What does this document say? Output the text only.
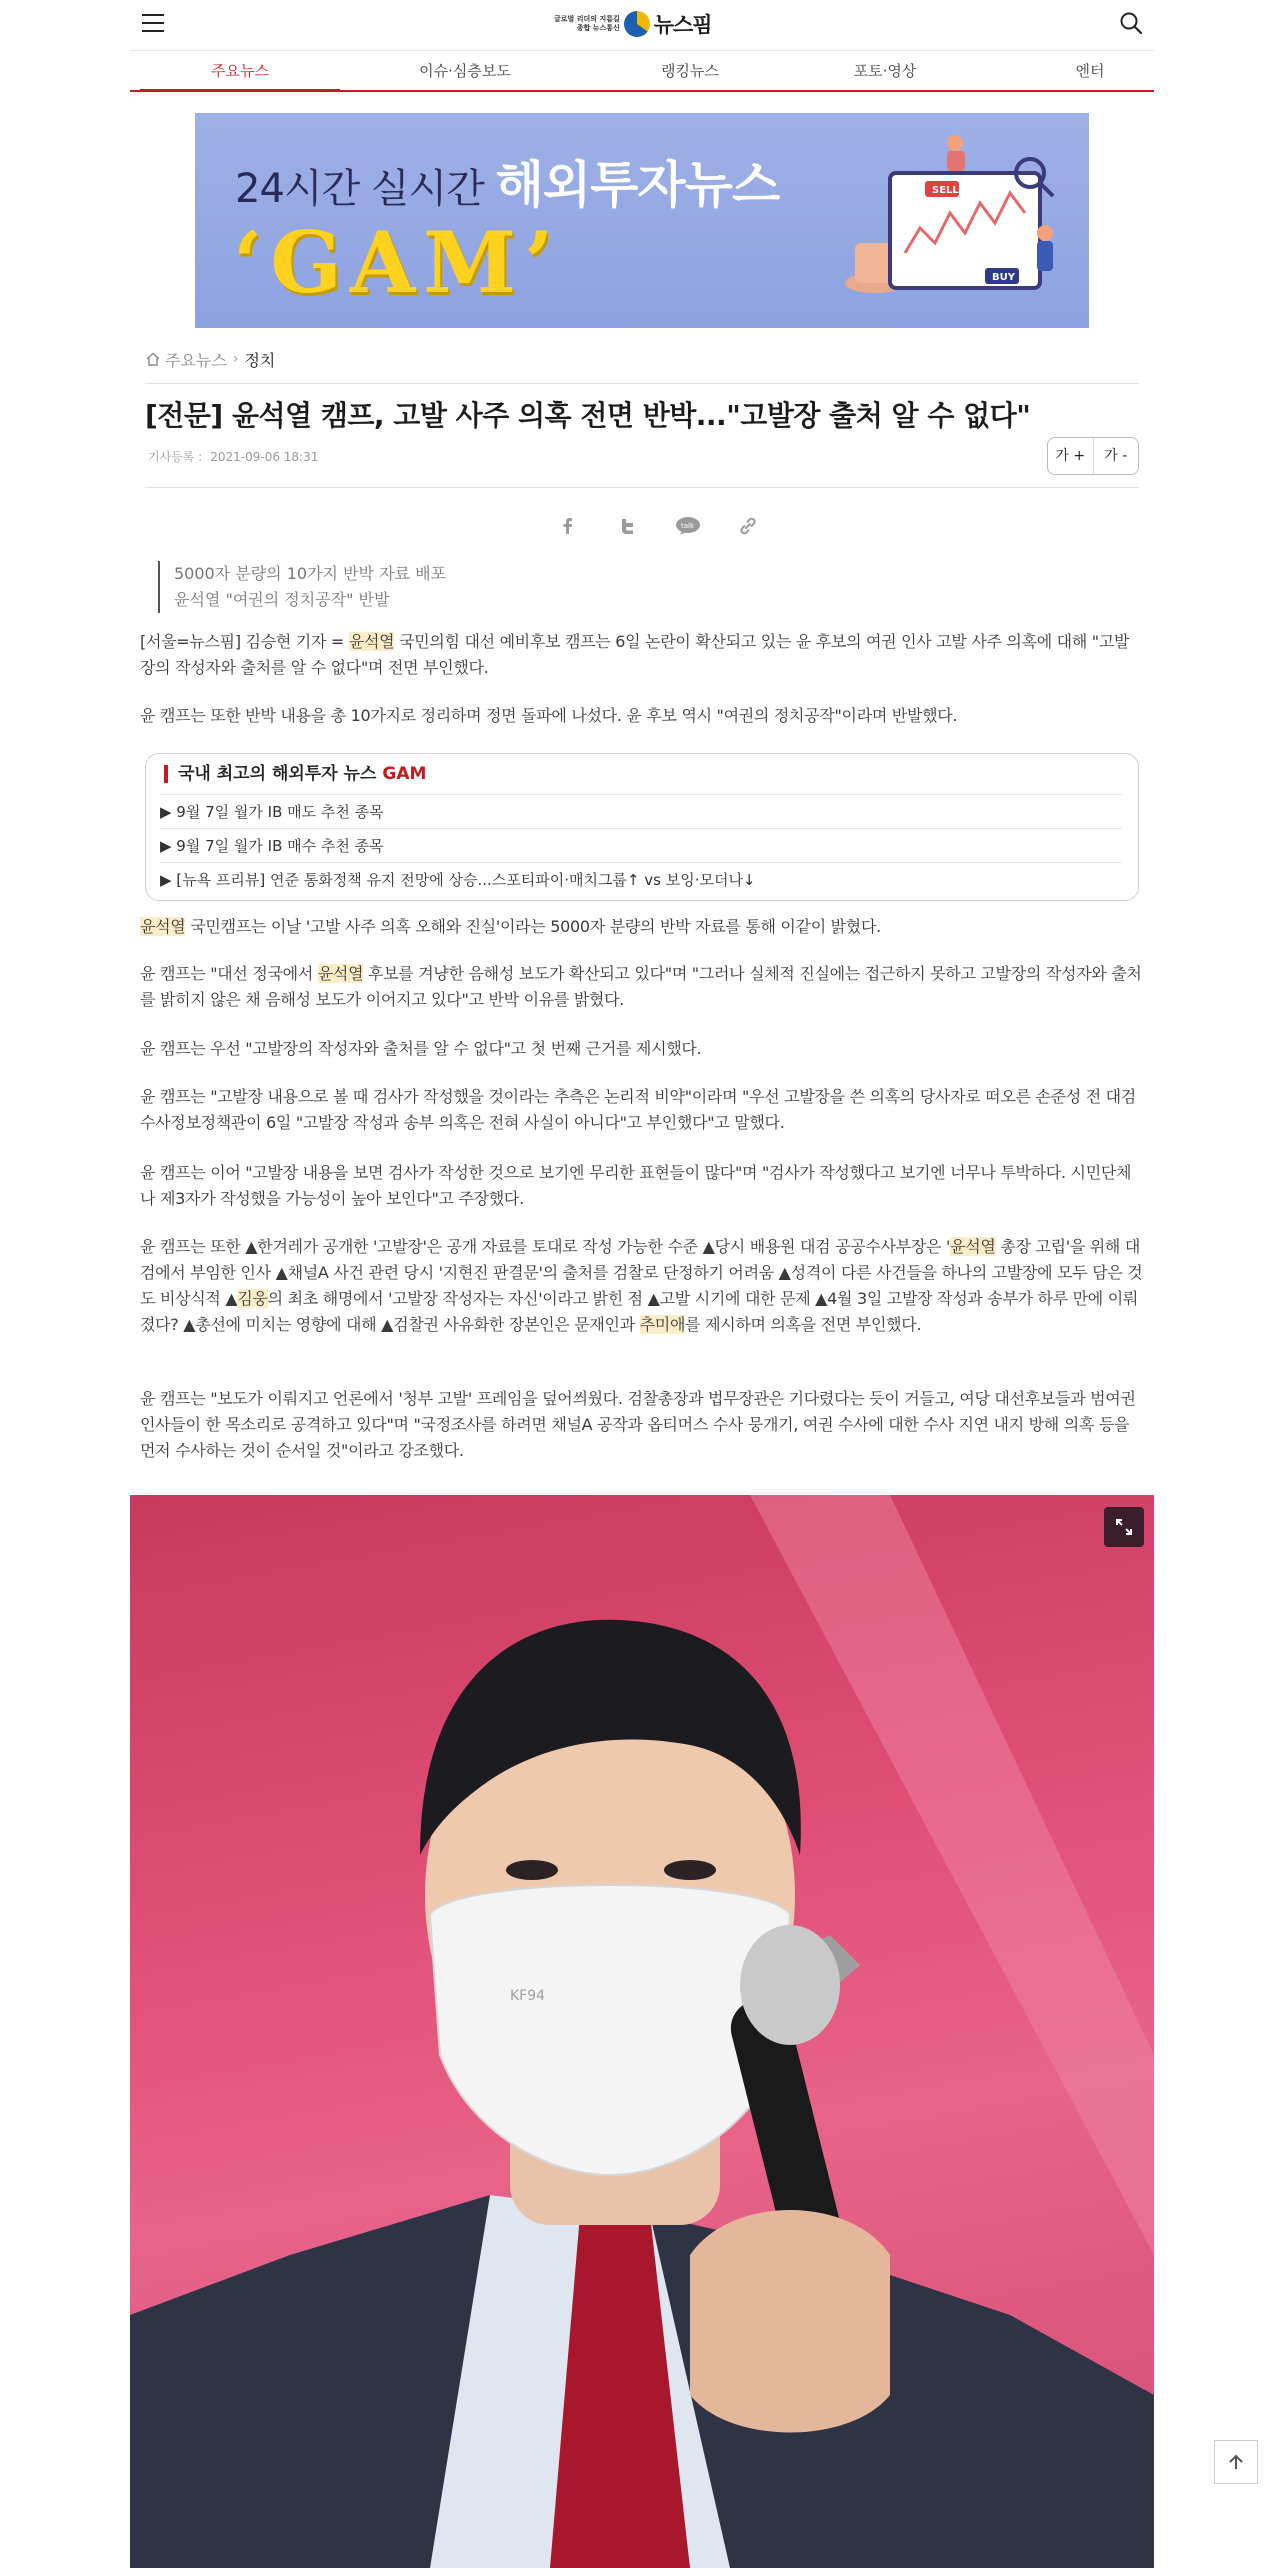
글로벌 리더의 지름길
종합 뉴스통신 뉴스핌
주요뉴스	이슈·심층보도	랭킹뉴스	포토·영상	엔터
24시간 실시간 해외투자뉴스
‘GAM’
SELL
BUY
주요뉴스 › 정치
[전문] 윤석열 캠프, 고발 사주 의혹 전면 반박..."고발장 출처 알 수 없다"
기사등록 : 2021-09-06 18:31	가 +	가 -
talk
5000자 분량의 10가지 반박 자료 배포
윤석열 "여권의 정치공작" 반발

[서울=뉴스핌] 김승현 기자 = 윤석열 국민의힘 대선 예비후보 캠프는 6일 논란이 확산되고 있는 윤 후보의 여권 인사 고발 사주 의혹에 대해 "고발장의 작성자와 출처를 알 수 없다"며 전면 부인했다.

윤 캠프는 또한 반박 내용을 총 10가지로 정리하며 정면 돌파에 나섰다. 윤 후보 역시 "여권의 정치공작"이라며 반발했다.

국내 최고의 해외투자 뉴스 GAM
▶ 9월 7일 월가 IB 매도 추천 종목
▶ 9월 7일 월가 IB 매수 추천 종목
▶ [뉴욕 프리뷰] 연준 통화정책 유지 전망에 상승...스포티파이·매치그룹↑ vs 보잉·모더나↓

윤석열 국민캠프는 이날 '고발 사주 의혹 오해와 진실'이라는 5000자 분량의 반박 자료를 통해 이같이 밝혔다.

윤 캠프는 "대선 정국에서 윤석열 후보를 겨냥한 음해성 보도가 확산되고 있다"며 "그러나 실체적 진실에는 접근하지 못하고 고발장의 작성자와 출처를 밝히지 않은 채 음해성 보도가 이어지고 있다"고 반박 이유를 밝혔다.

윤 캠프는 우선 "고발장의 작성자와 출처를 알 수 없다"고 첫 번째 근거를 제시했다.

윤 캠프는 "고발장 내용으로 볼 때 검사가 작성했을 것이라는 추측은 논리적 비약"이라며 "우선 고발장을 쓴 의혹의 당사자로 떠오른 손준성 전 대검 수사정보정책관이 6일 "고발장 작성과 송부 의혹은 전혀 사실이 아니다"고 부인했다"고 말했다.

윤 캠프는 이어 "고발장 내용을 보면 검사가 작성한 것으로 보기엔 무리한 표현들이 많다"며 "검사가 작성했다고 보기엔 너무나 투박하다. 시민단체나 제3자가 작성했을 가능성이 높아 보인다"고 주장했다.

윤 캠프는 또한 ▲한겨레가 공개한 '고발장'은 공개 자료를 토대로 작성 가능한 수준 ▲당시 배용원 대검 공공수사부장은 '윤석열 총장 고립'을 위해 대검에서 부임한 인사 ▲채널A 사건 관련 당시 '지현진 판결문'의 출처를 검찰로 단정하기 어려움 ▲성격이 다른 사건들을 하나의 고발장에 모두 담은 것도 비상식적 ▲김웅의 최초 해명에서 '고발장 작성자는 자신'이라고 밝힌 점 ▲고발 시기에 대한 문제 ▲4월 3일 고발장 작성과 송부가 하루 만에 이뤄졌다? ▲총선에 미치는 영향에 대해 ▲검찰권 사유화한 장본인은 문재인과 추미애를 제시하며 의혹을 전면 부인했다.

윤 캠프는 "보도가 이뤄지고 언론에서 '청부 고발' 프레임을 덮어씌웠다. 검찰총장과 법무장관은 기다렸다는 듯이 거들고, 여당 대선후보들과 범여권 인사들이 한 목소리로 공격하고 있다"며 "국정조사를 하려면 채널A 공작과 옵티머스 수사 뭉개기, 여권 수사에 대한 수사 지연 내지 방해 의혹 등을 먼저 수사하는 것이 순서일 것"이라고 강조했다.

KF94
